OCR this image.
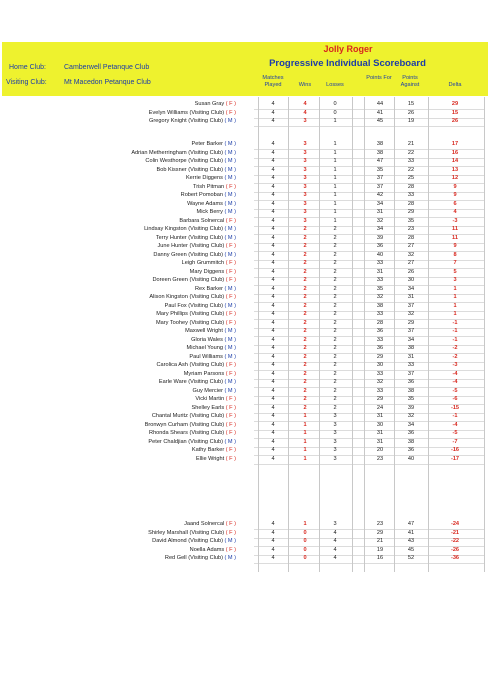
Jolly Roger
Progressive Individual Scoreboard
Home Club:	Camberwell Petanque Club
Visiting Club: Mt Macedon Petanque Club
Matches Played	Wins	Losses
Points For	Points Against	Delta
Susan Gray ( F )	4	4	0	44	15	29
Evelyn Williams (Visiting Club) ( F )	4	4	0	41	26	15
Gregory Knight (Visiting Club) ( M )	4	3	1	45	19	26
Peter Barker ( M )	4	3	1	38	21	17
Adrian Metherringham (Visiting Club) ( M )	4	3	1	38	22	16
Colin Westhorpe (Visiting Club) ( M )	4	3	1	47	33	14
Bob Kissner (Visiting Club) ( M )	4	3	1	35	22	13
Kerrie Diggens ( M )	4	3	1	37	25	12
Trish Pitman ( F )	4	3	1	37	28	9
Robert Pomoban ( M )	4	3	1	42	33	9
Wayne Adams ( M )	4	3	1	34	28	6
Mick Berry ( M )	4	3	1	31	29	4
Barbara Solnercal ( F )	4	3	1	32	35	-3
Lindsay Kingston (Visiting Club) ( M )	4	2	2	34	23	11
Terry Hunter (Visiting Club) ( M )	4	2	2	39	28	11
June Hunter (Visiting Club) ( F )	4	2	2	36	27	9
Danny Green (Visiting Club) ( M )	4	2	2	40	32	8
Leigh Grummitch ( F )	4	2	2	33	27	7
Mary Diggens ( F )	4	2	2	31	26	5
Doreen Green (Visiting Club) ( F )	4	2	2	33	30	3
Rex Barker ( M )	4	2	2	35	34	1
Alison Kingston (Visiting Club) ( F )	4	2	2	32	31	1
Paul Fox (Visiting Club) ( M )	4	2	2	38	37	1
Mary Phillips (Visiting Club) ( F )	4	2	2	33	32	1
Mary Toohey (Visiting Club) ( F )	4	2	2	28	29	-1
Maxwell Wright ( M )	4	2	2	36	37	-1
Gloria Wales ( M )	4	2	2	33	34	-1
Michael Young ( M )	4	2	2	36	38	-2
Paul Williams ( M )	4	2	2	29	31	-2
Carolica Ash (Visiting Club) ( F )	4	2	2	30	33	-3
Myriam Parsons ( F )	4	2	2	33	37	-4
Earle Ware (Visiting Club) ( M )	4	2	2	32	36	-4
Guy Mercier ( M )	4	2	2	33	38	-5
Vicki Martin ( F )	4	2	2	29	35	-6
Shelley Earls ( F )	4	2	2	24	39	-15
Chantal Muritz (Visiting Club) ( F )	4	1	3	31	32	-1
Bronwyn Curham (Visiting Club) ( F )	4	1	3	30	34	-4
Rhonda Shears (Visiting Club) ( F )	4	1	3	31	36	-5
Peter Chaldjian (Visiting Club) ( M )	4	1	3	31	38	-7
Kathy Barker ( F )	4	1	3	20	36	-16
Ellie Wright ( F )	4	1	3	23	40	-17
Jaand Solnercal ( F )	4	1	3	23	47	-24
Shirley Marshall (Visiting Club) ( F )	4	0	4	29	41	-21
David Almond (Visiting Club) ( M )	4	0	4	21	43	-22
Noella Adams ( F )	4	0	4	19	45	-26
Red Gell (Visiting Club) ( M )	4	0	4	16	52	-36
